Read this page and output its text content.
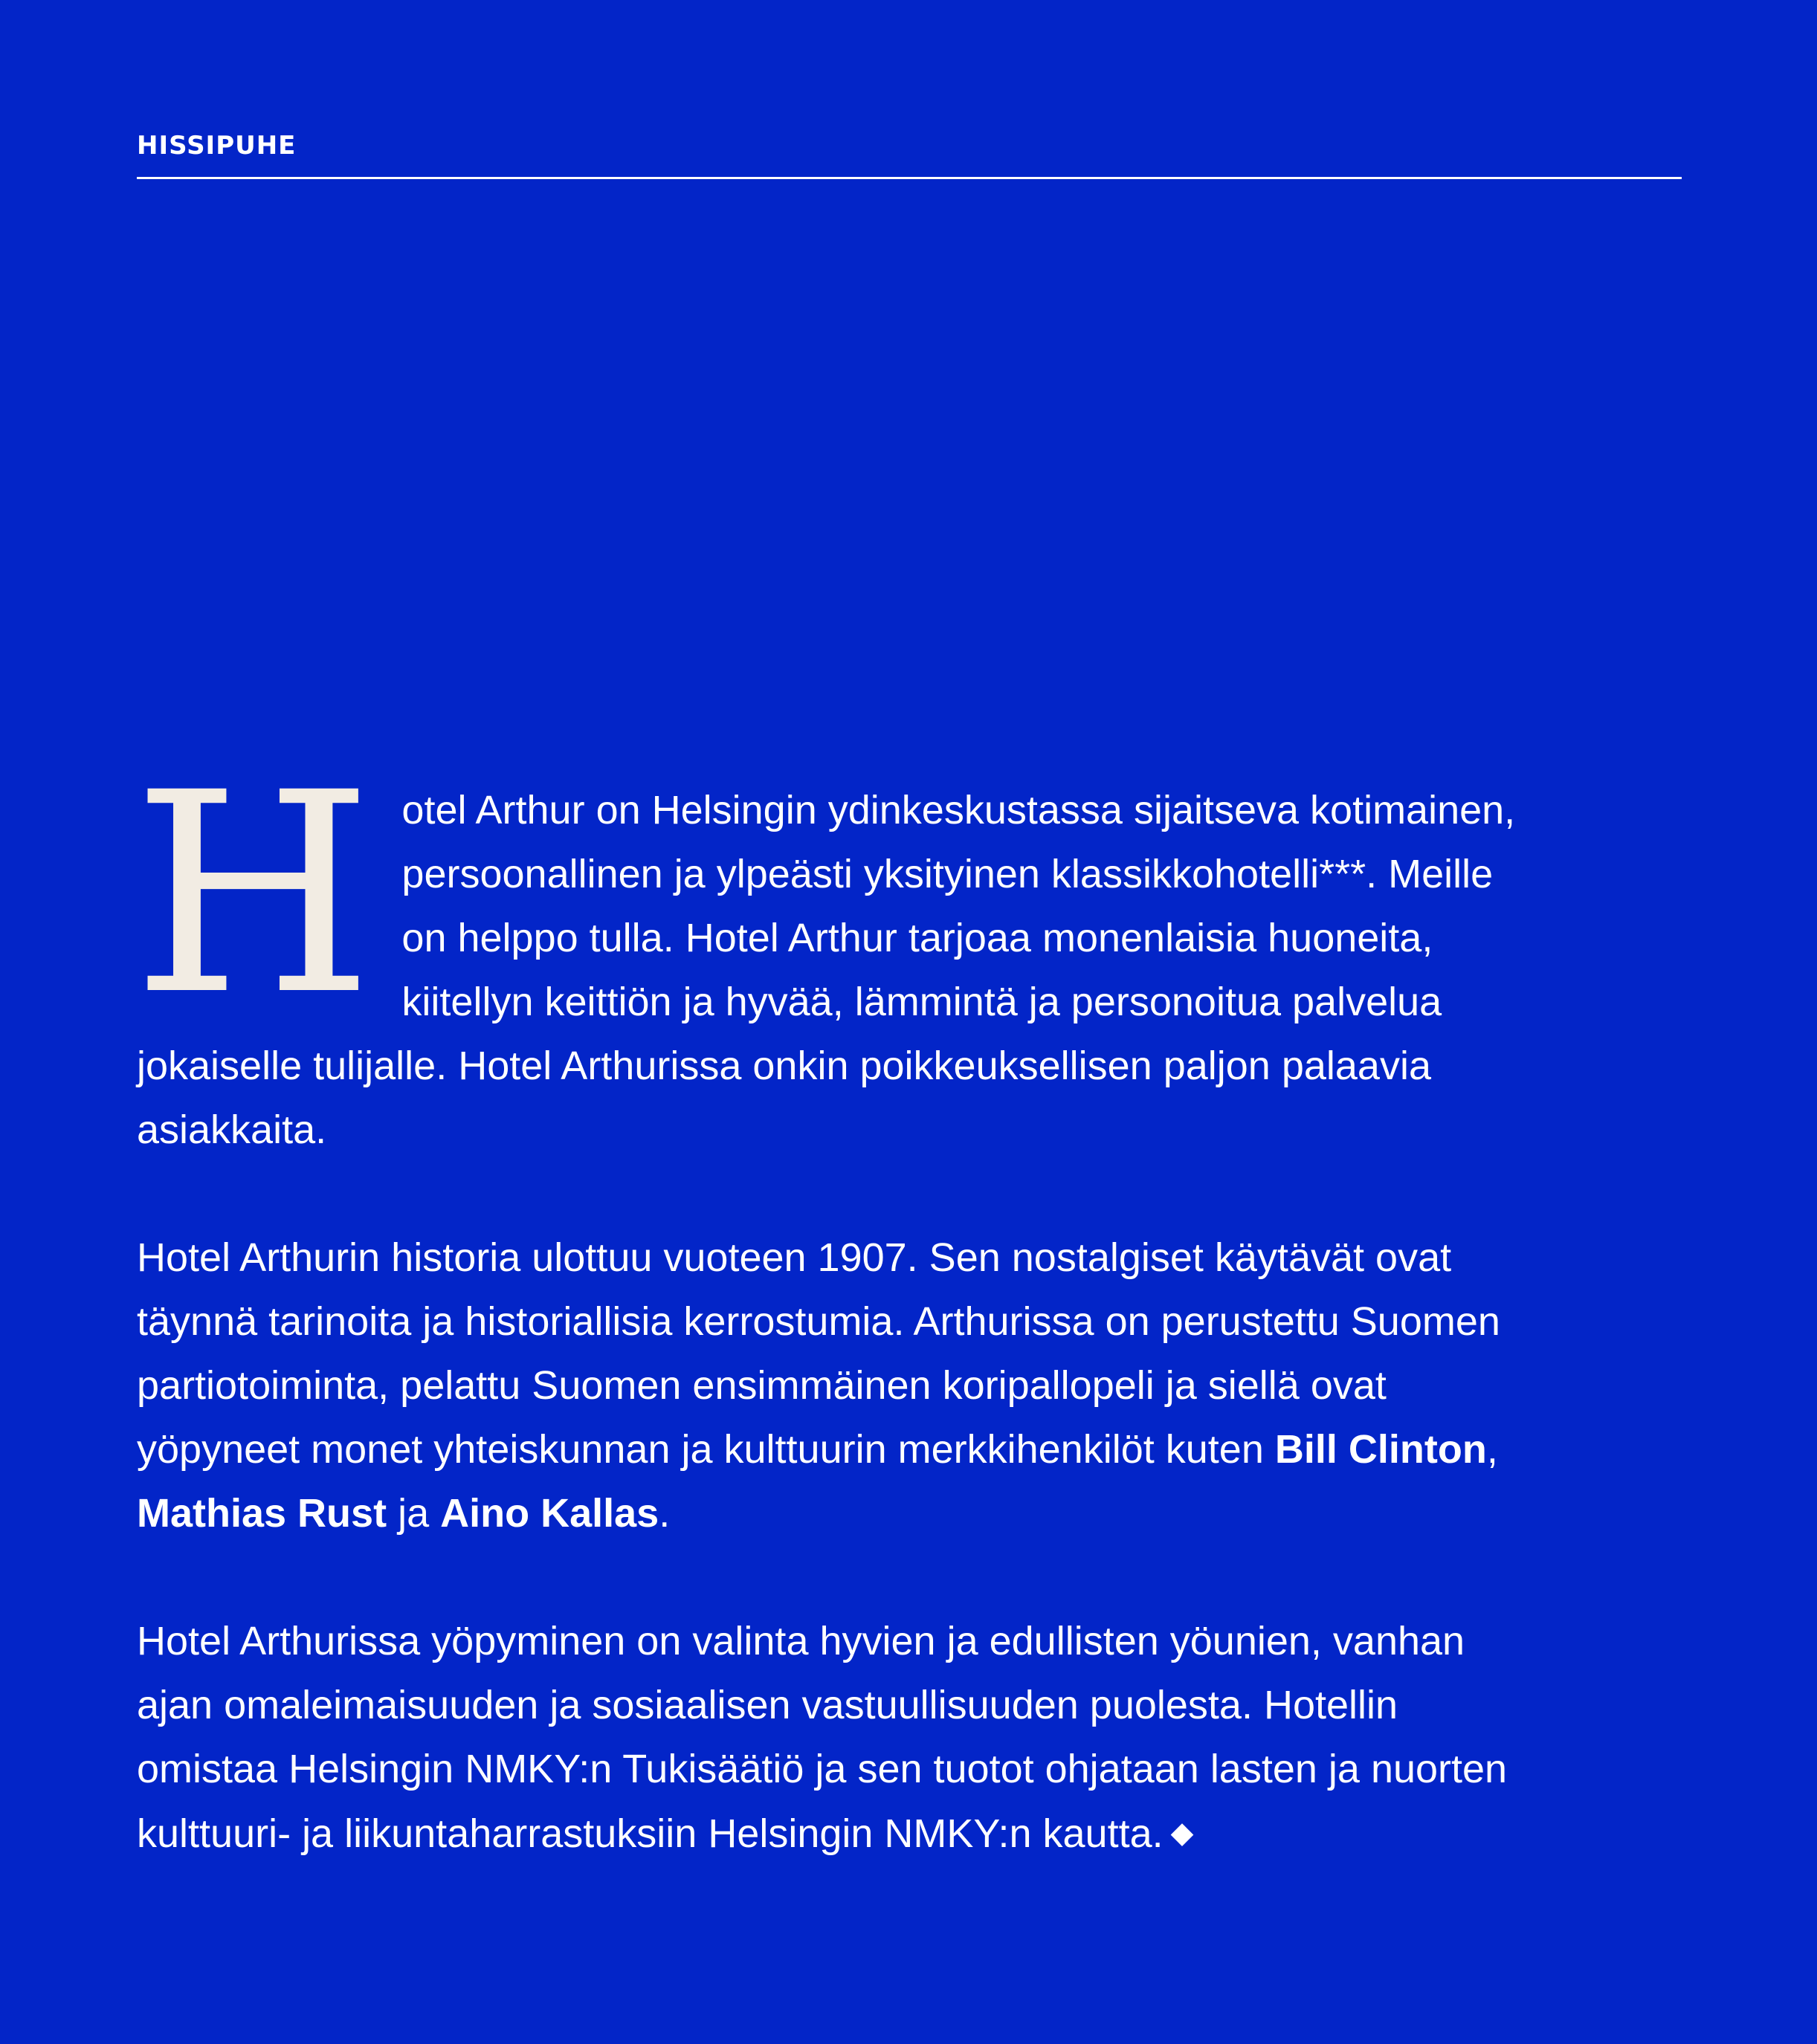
HISSIPUHE

Hotel Arthur on Helsingin ydinkeskustassa sijaitseva kotimainen, persoonallinen ja ylpeästi yksityinen klassikkohotelli***. Meille on helppo tulla. Hotel Arthur tarjoaa monenlaisia huoneita, kiitellyn keittiön ja hyvää, lämmintä ja personoitua palvelua jokaiselle tulijalle. Hotel Arthurissa onkin poikkeuksellisen paljon palaavia asiakkaita.

Hotel Arthurin historia ulottuu vuoteen 1907. Sen nostalgiset käytävät ovat täynnä tarinoita ja historiallisia kerrostumia. Arthurissa on perustettu Suomen partiotoiminta, pelattu Suomen ensimmäinen koripallopeli ja siellä ovat yöpyneet monet yhteiskunnan ja kulttuurin merkkihenkilöt kuten Bill Clinton, Mathias Rust ja Aino Kallas.

Hotel Arthurissa yöpyminen on valinta hyvien ja edullisten yöunien, vanhan ajan omaleimaisuuden ja sosiaalisen vastuullisuuden puolesta. Hotellin omistaa Helsingin NMKY:n Tukisäätiö ja sen tuotot ohjataan lasten ja nuorten kulttuuri- ja liikuntaharrastuksiin Helsingin NMKY:n kautta. ◆
